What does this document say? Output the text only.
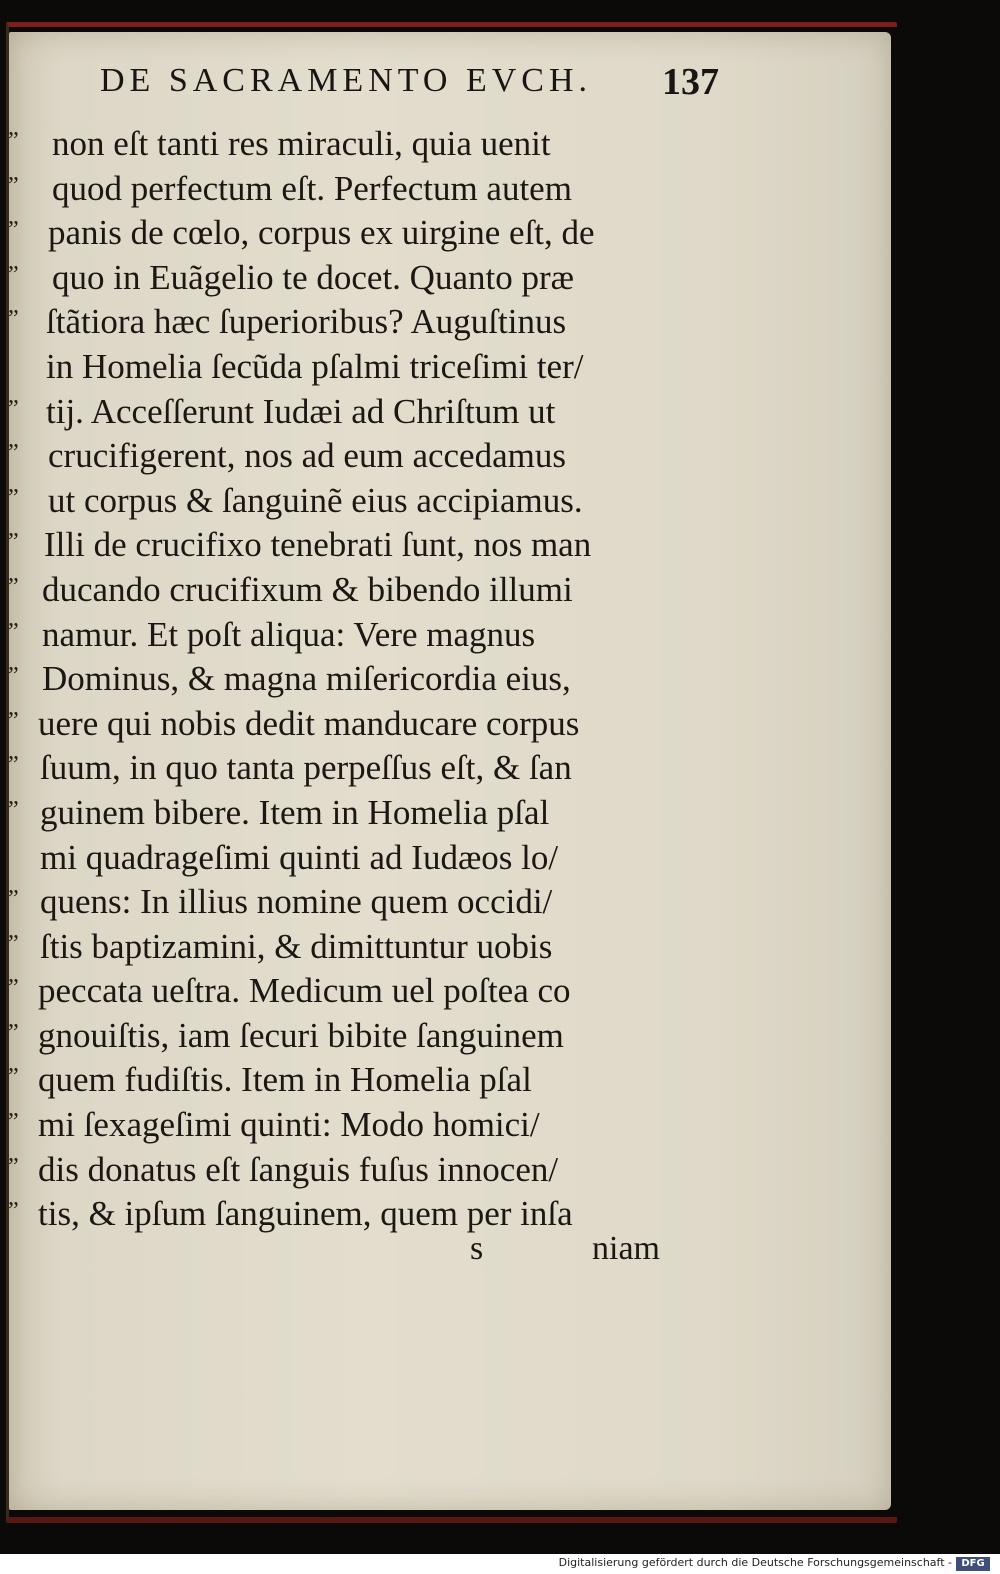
DE SACRAMENTO EVCH. 137
” non eſt tanti res miraculi, quia uenit
” quod perfectum eſt. Perfectum autem
” panis de cœlo, corpus ex uirgine eſt, de
” quo in Euãgelio te docet. Quanto præ
” ſtãtiora hæc ſuperioribus? Auguſtinus
in Homelia ſecũda pſalmi triceſimi ter/
” tij. Acceſſerunt Iudæi ad Chriſtum ut
” crucifigerent, nos ad eum accedamus
” ut corpus & ſanguinẽ eius accipiamus.
” Illi de crucifixo tenebrati ſunt, nos man
” ducando crucifixum & bibendo illumi
” namur. Et poſt aliqua: Vere magnus
” Dominus, & magna miſericordia eius,
” uere qui nobis dedit manducare corpus
” ſuum, in quo tanta perpeſſus eſt, & ſan
” guinem bibere. Item in Homelia pſal
mi quadrageſimi quinti ad Iudæos lo/
” quens: In illius nomine quem occidi/
” ſtis baptizamini, & dimittuntur uobis
” peccata ueſtra. Medicum uel poſtea co
” gnouiſtis, iam ſecuri bibite ſanguinem
” quem fudiſtis. Item in Homelia pſal
” mi ſexageſimi quinti: Modo homici/
” dis donatus eſt ſanguis fuſus innocen/
” tis, & ipſum ſanguinem, quem per inſa
s	niam
Digitalisierung gefördert durch die Deutsche Forschungsgemeinschaft - DFG
